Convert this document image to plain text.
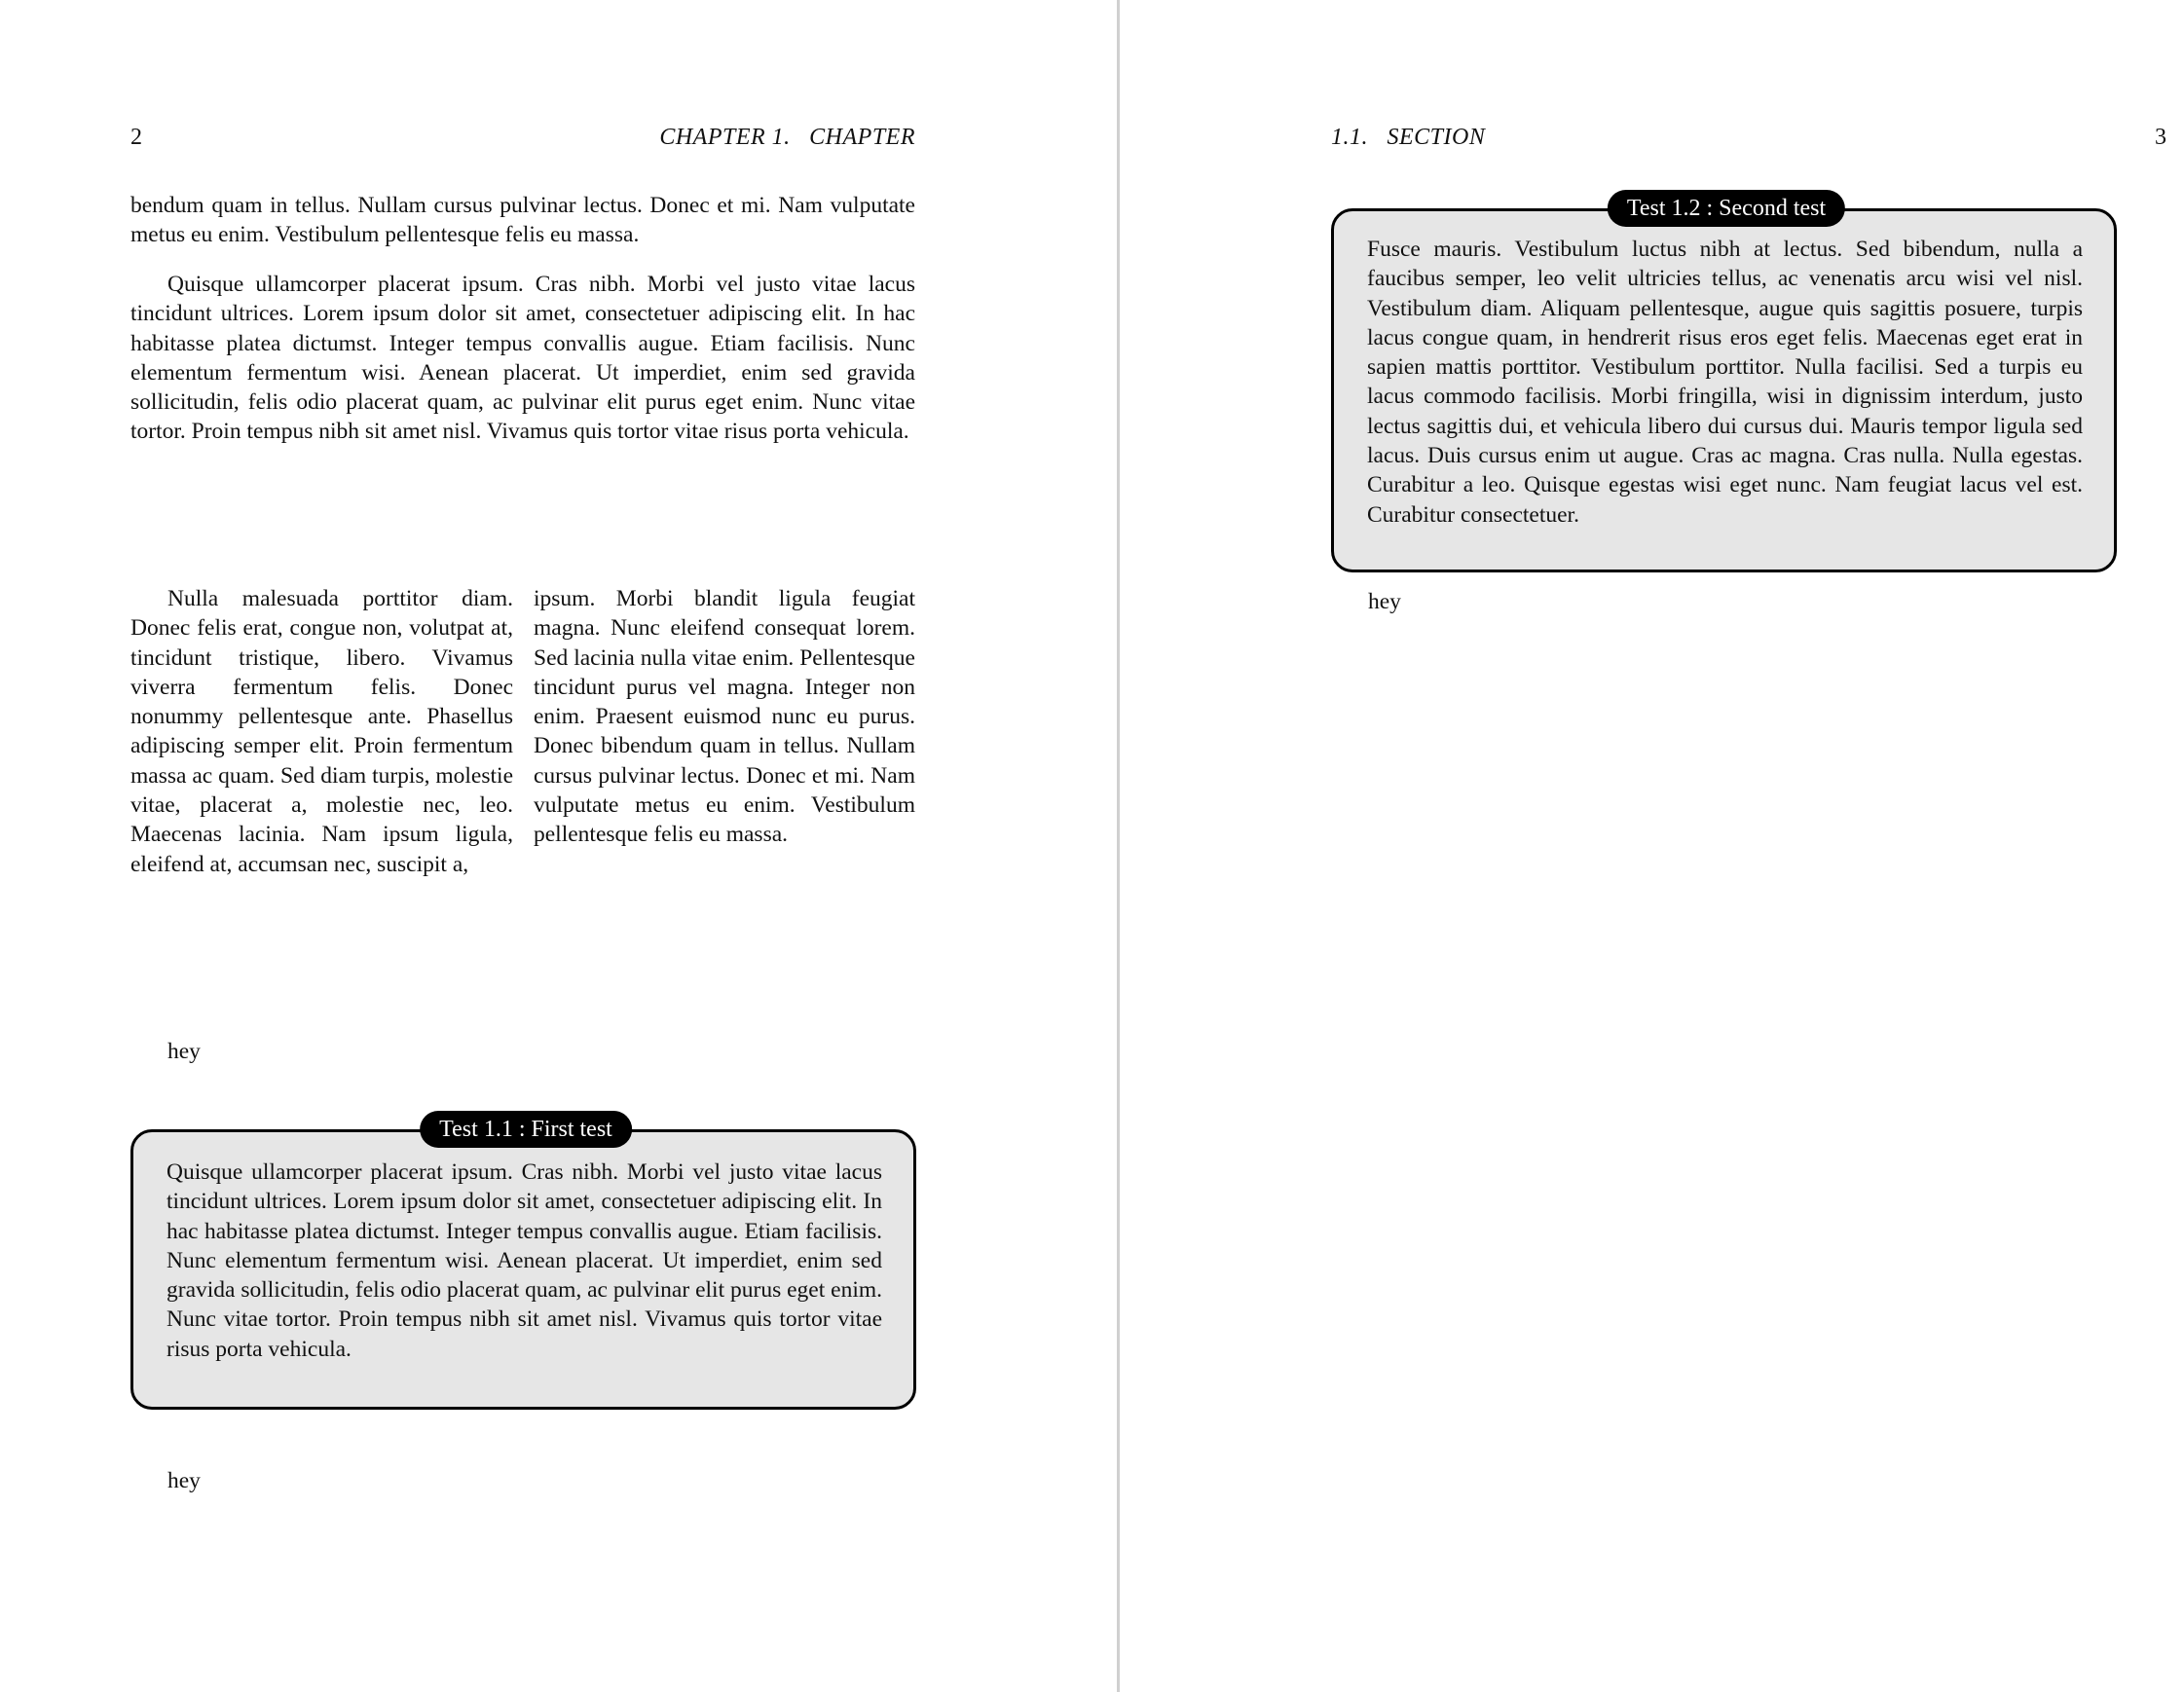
2	CHAPTER 1.   CHAPTER

bendum quam in tellus. Nullam cursus pulvinar lectus. Donec et mi. Nam vulputate metus eu enim. Vestibulum pellentesque felis eu massa.

Quisque ullamcorper placerat ipsum. Cras nibh. Morbi vel justo vitae lacus tincidunt ultrices. Lorem ipsum dolor sit amet, consectetuer adipiscing elit. In hac habitasse platea dictumst. Integer tempus convallis augue. Etiam facilisis. Nunc elementum fermentum wisi. Aenean placerat. Ut imperdiet, enim sed gravida sollicitudin, felis odio placerat quam, ac pulvinar elit purus eget enim. Nunc vitae tortor. Proin tempus nibh sit amet nisl. Vivamus quis tortor vitae risus porta vehicula.

Nulla malesuada porttitor diam. Donec felis erat, congue non, volutpat at, tincidunt tristique, libero. Vivamus viverra fermentum felis. Donec nonummy pellentesque ante. Phasellus adipiscing semper elit. Proin fermentum massa ac quam. Sed diam turpis, molestie vitae, placerat a, molestie nec, leo. Maecenas lacinia. Nam ipsum ligula, eleifend at, accumsan nec, suscipit a,

ipsum. Morbi blandit ligula feugiat magna. Nunc eleifend consequat lorem. Sed lacinia nulla vitae enim. Pellentesque tincidunt purus vel magna. Integer non enim. Praesent euismod nunc eu purus. Donec bibendum quam in tellus. Nullam cursus pulvinar lectus. Donec et mi. Nam vulputate metus eu enim. Vestibulum pellentesque felis eu massa.

hey
Test 1.1 : First test

Quisque ullamcorper placerat ipsum. Cras nibh. Morbi vel justo vitae lacus tincidunt ultrices. Lorem ipsum dolor sit amet, consectetuer adipiscing elit. In hac habitasse platea dictumst. Integer tempus convallis augue. Etiam facilisis. Nunc elementum fermentum wisi. Aenean placerat. Ut imperdiet, enim sed gravida sollicitudin, felis odio placerat quam, ac pulvinar elit purus eget enim. Nunc vitae tortor. Proin tempus nibh sit amet nisl. Vivamus quis tortor vitae risus porta vehicula.

hey
1.1.   SECTION	3
Test 1.2 : Second test

Fusce mauris. Vestibulum luctus nibh at lectus. Sed bibendum, nulla a faucibus semper, leo velit ultricies tellus, ac venenatis arcu wisi vel nisl. Vestibulum diam. Aliquam pellentesque, augue quis sagittis posuere, turpis lacus congue quam, in hendrerit risus eros eget felis. Maecenas eget erat in sapien mattis porttitor. Vestibulum porttitor. Nulla facilisi. Sed a turpis eu lacus commodo facilisis. Morbi fringilla, wisi in dignissim interdum, justo lectus sagittis dui, et vehicula libero dui cursus dui. Mauris tempor ligula sed lacus. Duis cursus enim ut augue. Cras ac magna. Cras nulla. Nulla egestas. Curabitur a leo. Quisque egestas wisi eget nunc. Nam feugiat lacus vel est. Curabitur consectetuer.

hey
